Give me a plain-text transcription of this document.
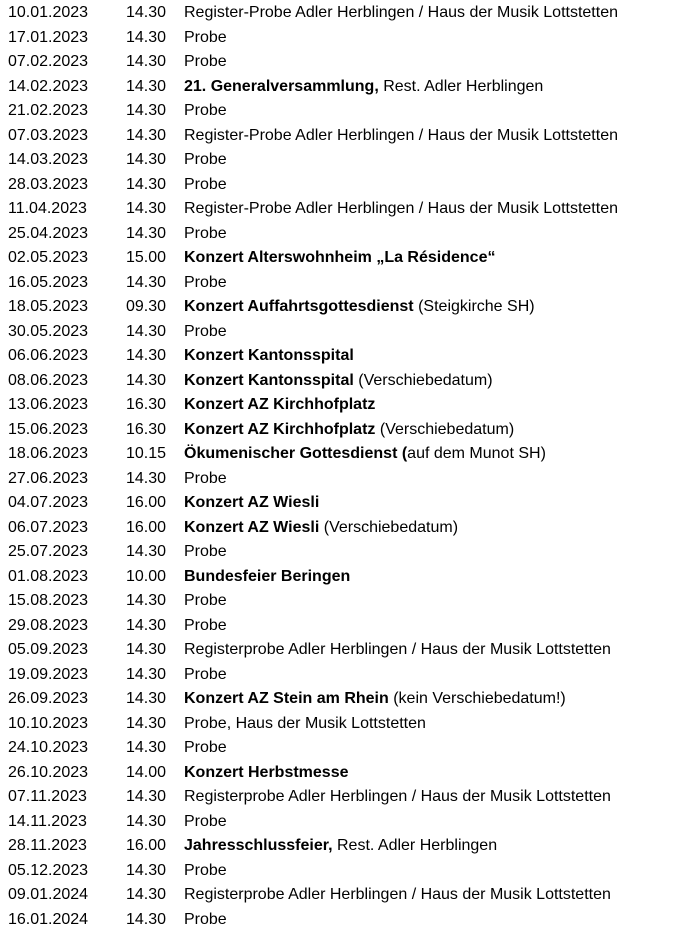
10.01.2023 14.30 Register-Probe Adler Herblingen / Haus der Musik Lottstetten
17.01.2023 14.30 Probe
07.02.2023 14.30 Probe
14.02.2023 14.30 21. Generalversammlung, Rest. Adler Herblingen
21.02.2023 14.30 Probe
07.03.2023 14.30 Register-Probe Adler Herblingen / Haus der Musik Lottstetten
14.03.2023 14.30 Probe
28.03.2023 14.30 Probe
11.04.2023 14.30 Register-Probe Adler Herblingen / Haus der Musik Lottstetten
25.04.2023 14.30 Probe
02.05.2023 15.00 Konzert Alterswohnheim „La Résidence“
16.05.2023 14.30 Probe
18.05.2023 09.30 Konzert Auffahrtsgottesdienst (Steigkirche SH)
30.05.2023 14.30 Probe
06.06.2023 14.30 Konzert Kantonsspital
08.06.2023 14.30 Konzert Kantonsspital (Verschiebedatum)
13.06.2023 16.30 Konzert AZ Kirchhofplatz
15.06.2023 16.30 Konzert AZ Kirchhofplatz (Verschiebedatum)
18.06.2023 10.15 Ökumenischer Gottesdienst (auf dem Munot SH)
27.06.2023 14.30 Probe
04.07.2023 16.00 Konzert AZ Wiesli
06.07.2023 16.00 Konzert AZ Wiesli (Verschiebedatum)
25.07.2023 14.30 Probe
01.08.2023 10.00 Bundesfeier Beringen
15.08.2023 14.30 Probe
29.08.2023 14.30 Probe
05.09.2023 14.30 Registerprobe Adler Herblingen / Haus der Musik Lottstetten
19.09.2023 14.30 Probe
26.09.2023 14.30 Konzert AZ Stein am Rhein (kein Verschiebedatum!)
10.10.2023 14.30 Probe, Haus der Musik Lottstetten
24.10.2023 14.30 Probe
26.10.2023 14.00 Konzert Herbstmesse
07.11.2023 14.30 Registerprobe Adler Herblingen / Haus der Musik Lottstetten
14.11.2023 14.30 Probe
28.11.2023 16.00 Jahresschlussfeier, Rest. Adler Herblingen
05.12.2023 14.30 Probe
09.01.2024 14.30 Registerprobe Adler Herblingen / Haus der Musik Lottstetten
16.01.2024 14.30 Probe
